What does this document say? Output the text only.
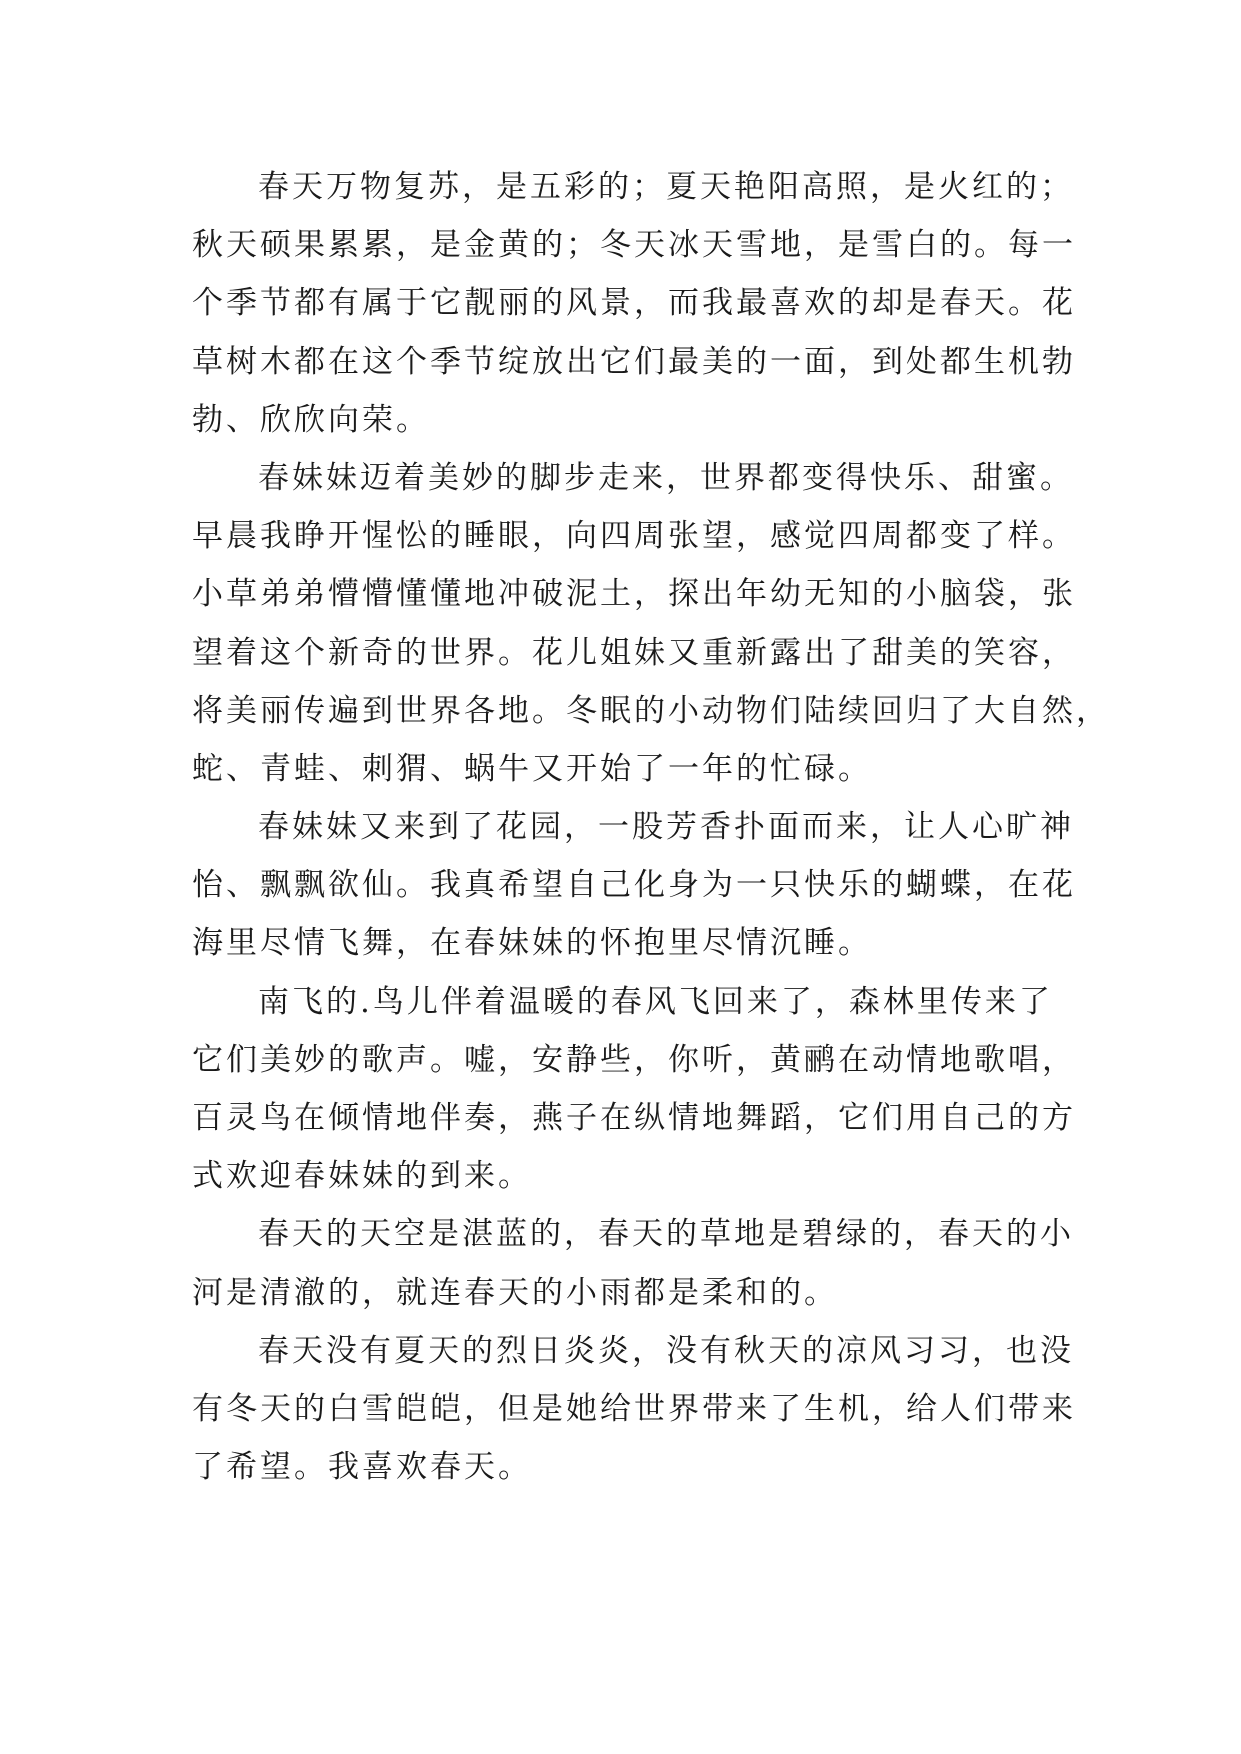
春天万物复苏，是五彩的；夏天艳阳高照，是火红的；
秋天硕果累累，是金黄的；冬天冰天雪地，是雪白的。每一
个季节都有属于它靓丽的风景，而我最喜欢的却是春天。花
草树木都在这个季节绽放出它们最美的一面，到处都生机勃
勃、欣欣向荣。

春妹妹迈着美妙的脚步走来，世界都变得快乐、甜蜜。
早晨我睁开惺忪的睡眼，向四周张望，感觉四周都变了样。
小草弟弟懵懵懂懂地冲破泥土，探出年幼无知的小脑袋，张
望着这个新奇的世界。花儿姐妹又重新露出了甜美的笑容，
将美丽传遍到世界各地。冬眠的小动物们陆续回归了大自然，
蛇、青蛙、刺猬、蜗牛又开始了一年的忙碌。

春妹妹又来到了花园，一股芳香扑面而来，让人心旷神
怡、飘飘欲仙。我真希望自己化身为一只快乐的蝴蝶，在花
海里尽情飞舞，在春妹妹的怀抱里尽情沉睡。

南飞的.鸟儿伴着温暖的春风飞回来了，森林里传来了
它们美妙的歌声。嘘，安静些，你听，黄鹂在动情地歌唱，
百灵鸟在倾情地伴奏，燕子在纵情地舞蹈，它们用自己的方
式欢迎春妹妹的到来。

春天的天空是湛蓝的，春天的草地是碧绿的，春天的小
河是清澈的，就连春天的小雨都是柔和的。

春天没有夏天的烈日炎炎，没有秋天的凉风习习，也没
有冬天的白雪皑皑，但是她给世界带来了生机，给人们带来
了希望。我喜欢春天。
